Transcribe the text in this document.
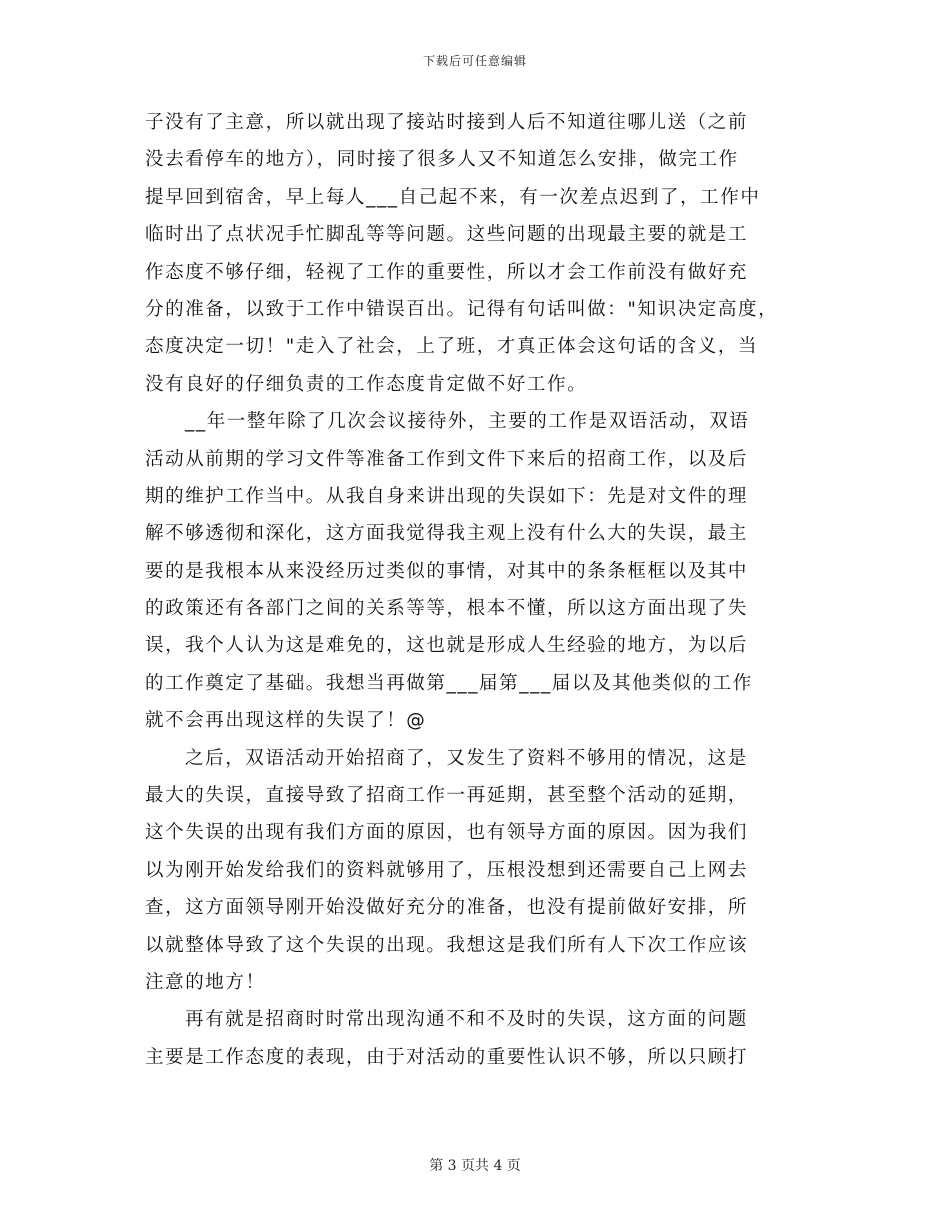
下载后可任意编辑
子没有了主意，所以就出现了接站时接到人后不知道往哪儿送（之前
没去看停车的地方），同时接了很多人又不知道怎么安排，做完工作
提早回到宿舍，早上每人___自己起不来，有一次差点迟到了，工作中
临时出了点状况手忙脚乱等等问题。这些问题的出现最主要的就是工
作态度不够仔细，轻视了工作的重要性，所以才会工作前没有做好充
分的准备，以致于工作中错误百出。记得有句话叫做："知识决定高度，
态度决定一切！"走入了社会，上了班，才真正体会这句话的含义，当
没有良好的仔细负责的工作态度肯定做不好工作。
__年一整年除了几次会议接待外，主要的工作是双语活动，双语
活动从前期的学习文件等准备工作到文件下来后的招商工作，以及后
期的维护工作当中。从我自身来讲出现的失误如下：先是对文件的理
解不够透彻和深化，这方面我觉得我主观上没有什么大的失误，最主
要的是我根本从来没经历过类似的事情，对其中的条条框框以及其中
的政策还有各部门之间的关系等等，根本不懂，所以这方面出现了失
误，我个人认为这是难免的，这也就是形成人生经验的地方，为以后
的工作奠定了基础。我想当再做第___届第___届以及其他类似的工作
就不会再出现这样的失误了！@
之后，双语活动开始招商了，又发生了资料不够用的情况，这是
最大的失误，直接导致了招商工作一再延期，甚至整个活动的延期，
这个失误的出现有我们方面的原因，也有领导方面的原因。因为我们
以为刚开始发给我们的资料就够用了，压根没想到还需要自己上网去
查，这方面领导刚开始没做好充分的准备，也没有提前做好安排，所
以就整体导致了这个失误的出现。我想这是我们所有人下次工作应该
注意的地方！
再有就是招商时时常出现沟通不和不及时的失误，这方面的问题
主要是工作态度的表现，由于对活动的重要性认识不够，所以只顾打
第 3 页共 4 页
